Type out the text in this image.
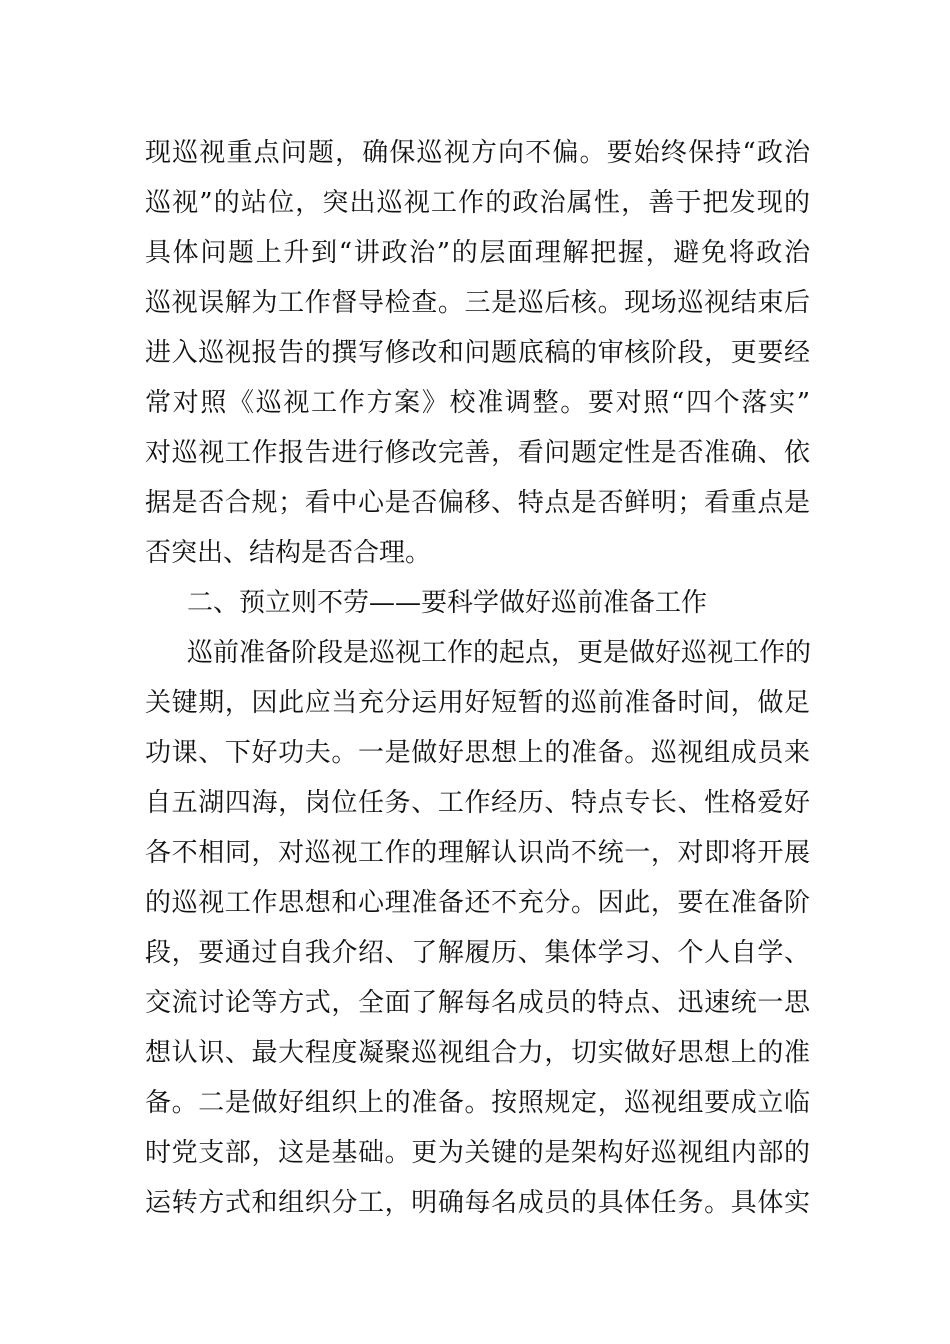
现巡视重点问题，确保巡视方向不偏。要始终保持“政治
巡视”的站位，突出巡视工作的政治属性，善于把发现的
具体问题上升到“讲政治”的层面理解把握，避免将政治
巡视误解为工作督导检查。三是巡后核。现场巡视结束后
进入巡视报告的撰写修改和问题底稿的审核阶段，更要经
常对照《巡视工作方案》校准调整。要对照“四个落实”
对巡视工作报告进行修改完善，看问题定性是否准确、依
据是否合规；看中心是否偏移、特点是否鲜明；看重点是
否突出、结构是否合理。
二、预立则不劳——要科学做好巡前准备工作
巡前准备阶段是巡视工作的起点，更是做好巡视工作的
关键期，因此应当充分运用好短暂的巡前准备时间，做足
功课、下好功夫。一是做好思想上的准备。巡视组成员来
自五湖四海，岗位任务、工作经历、特点专长、性格爱好
各不相同，对巡视工作的理解认识尚不统一，对即将开展
的巡视工作思想和心理准备还不充分。因此，要在准备阶
段，要通过自我介绍、了解履历、集体学习、个人自学、
交流讨论等方式，全面了解每名成员的特点、迅速统一思
想认识、最大程度凝聚巡视组合力，切实做好思想上的准
备。二是做好组织上的准备。按照规定，巡视组要成立临
时党支部，这是基础。更为关键的是架构好巡视组内部的
运转方式和组织分工，明确每名成员的具体任务。具体实
